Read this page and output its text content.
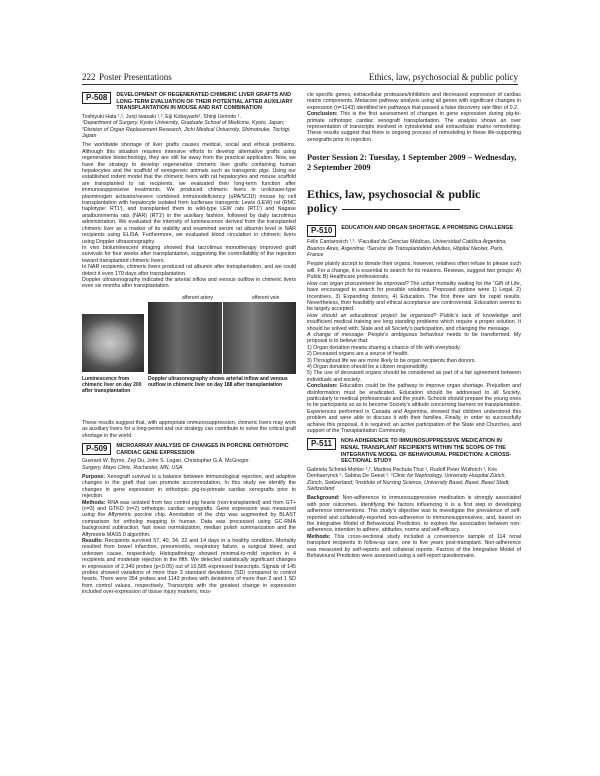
222 Poster Presentations	Ethics, law, psychosocial & public policy
P-508	DEVELOPMENT OF REGENERATED CHIMERIC LIVER GRAFTS AND LONG-TERM EVALUATION OF THEIR POTENTIAL AFTER AUXILIARY TRANSPLANTATION IN MOUSE AND RAT COMBINATION
Toshiyuki Hata ¹,², Junji Iwasaki ¹,², Eiji Kobayashi², Shinji Uemoto ¹.
¹Department of Surgery, Kyoto University, Graduate School of Medicine, Kyoto, Japan; ²Division of Organ Replacement Research, Jichi Medical University, Shimotsuke, Tochigi, Japan

The worldwide shortage of liver grafts causes medical, social and ethical problems. Although this situation requires intensive efforts to develop alternative grafts using regenerative biotechnology, they are still far away from the practical application. Now, we have the strategy to develop regenerative chimeric liver grafts containing human hepatocytes and the scaffold of xenogeneic animals such as transgenic pigs. Using our established rodent model that the chimeric livers with rat hepatocytes and mouse scaffold are transplanted to rat recipients, we evaluated their long-term function after immunosuppressive treatments. We produced chimeric livers in urokinase-type plasminogen activator/severe combined immunodeficiency (uPA/SCID) mouse by cell transplantation with hepatocyte isolated from luciferase transgenic Lewis (LEW) rat (RMC haplotype: RT1ˡ), and transplanted them to wild-type LEW rats (RT1ˡ) and Nagase analbuminemia rats (NAR) (RT1ˡ) in the auxiliary fashion, followed by daily tacrolimus administration. We evaluated the intensity of luminescence derived from the transplanted chimeric liver as a marker of its viability and examined serum rat albumin level in NAR recipients using ELISA. Furthermore, we evaluated blood circulation in chimeric livers using Doppler ultrasonography.

In vivo bioluminescent imaging showed that tacrolimus monotherapy improved graft survivals for four weeks after transplantation, suggesting the controllability of the rejection toward transplanted chimeric livers.

In NAR recipients, chimeric livers produced rat albumin after transplantation, and we could detect it even 170 days after transplantation.

Doppler ultrasonography indicated the arterial inflow and venous outflow in chimeric livers even six months after transplantation.

afferent artery	efferent vein
Luminescence from chimeric liver on day 200 after transplantation
Doppler ultrasonography shows arterial inflow and venous outflow in chimeric liver on day 188 after transplantation

These results suggest that, with appropriate immunosuppression, chimeric livers may work as auxiliary livers for a long-period and our strategy can contribute to solve the critical graft shortage in the world.

P-509	MICROARRAY ANALYSIS OF CHANGES IN PORCINE ORTHOTOPIC CARDIAC GENE EXPRESSION
Guerard W. Byrne, Zeji Du, John S. Logan, Christopher G.A. McGregor.
Surgery, Mayo Clinic, Rochester, MN, USA

Purpose: Xenograft survival is a balance between immunological rejection, and adaptive changes in the graft that can promote accommodation. In this study we identify the changes in gene expression in orthotopic pig-to-primate cardiac xenografts prior to rejection.

Methods: RNA was isolated from two control pig hearts (non-transplanted) and from GT+ (n=3) and GTKO (n=2) orthotopic cardiac xenografts. Gene expression was measured using the Affymetric porcine chip. Annotation of the chip was augmented by BLAST comparison for ortholog mapping to human. Data was processed using GC-RMA background subtraction, fast loess normalization, median polish summarization and the Affymetrix MAS5.0 algorithm.

Results: Recipients survived 57, 40, 34, 22 and 14 days in a healthy condition. Mortality resulted from bowel infarction, pneumonitis, respiratory failure, a surgical bleed, and unknown cause, respectively. Histopathology showed minimal-to-mild rejection in 4 recipients and moderate rejection in the fifth. We detected statistically significant changes in expression of 2,340 probes (p<0.05) out of 16,585 expressed transcripts. Signals of 145 probes showed variations of more than 3 standard deviations (SD) compared to control hearts. There were 354 probes and 1143 probes with deviations of more than 2 and 1 SD from control values, respectively. Transcripts with the greatest change in expression included over-expression of tissue injury markers, mus-

cle specific genes, extracellular proteases/inhibitors and decreased expression of cardiac matrix components. Metacore pathway analysis using all genes with significant changes in expression (n=1143) identified ten pathways that passed a false discovery rate filter of 0.2.

Conclusion: This is the first assessment of changes in gene expression during pig-to-primate orthotopic cardiac xenograft transplantation. The analysis shows an over representation of transcripts involved in cytoskeletal and extracellular matrix remodeling. These results suggest that there is ongoing process of remodeling in these life-supporting xenografts prior to rejection.

Poster Session 2: Tuesday, 1 September 2009 – Wednesday, 2 September 2009
Ethics, law, psychosocial & public
policy
P-510	EDUCATION AND ORGAN SHORTAGE, A PROMISING CHALLENGE
Félix Cantarovich ¹,². ¹Facultad de Ciencias Médicas, Universidad Católica Argentina, Buenos Aires, Argentina; ²Service de Transplantation Adultes, Hôpital Necker, Paris, France

People plainly accept to donate their organs, however, relatives often refuse to please such will. For a change, it is essential to search for its reasons. Reviews, suggest two groups: A) Public B) Healthcare professionals.

How can organ procurement be improved? The unfair mortality waiting for the “Gift of Life, have encouraged to search for possible solutions. Proposed options were 1) Legal, 2) Incentives, 3) Expanding donors, 4) Education. The first three aim for rapid results. Nevertheless, their feasibility and ethical acceptance are controversial. Education seems to be largely accepted.

How should an educational project be organized? Public’s lack of knowledge and insufficient medical training are long standing problems which require a proper solution. It should be solved with: State and all Society’s participation, and changing the message.

A change of message: People’s ambiguous behaviour needs to be transformed. My proposal is to believe that:

1) Organ donation means sharing a chance of life with everybody.

2) Deceased organs are a source of health.

3) Throughout life we are more likely to be organ recipients than donors.

4) Organ donation should be a citizen responsibility.

5) The use of deceased organs should be considered as part of a fair agreement between individuals and society.

Conclusion: Education could be the pathway to improve organ shortage. Prejudism and disinformation must be eradicated. Education should be addressed to all Society, particularly to medical professionals and the youth. Schools should prepare the young ones to be participants so as to become Society’s attitude concerning barriers on transplantation. Experiences performed in Canada and Argentina, showed that children understood this problem and were able to discuss it with their families. Finally, in order to successfully achieve this proposal, it is required: an active participation of the State and Churches, and support of the Transplantation Community.

P-511	NON-ADHERENCE TO IMMUNOSUPPRESSIVE MEDICATION IN RENAL TRANSPLANT RECIPIENTS WITHIN THE SCOPE OF THE INTEGRATIVE MODEL OF BEHAVIOURAL PREDICTION: A CROSS-SECTIONAL STUDY
Gabriela Schmid-Mohler ¹,², Martina Pechula Thut ¹, Rudolf Peter Wüthrich ¹, Kris Denhaerynck ², Sabina De Geest ². ¹Clinic for Nephrology, University Hospital Zürich, Zürich, Switzerland; ²Institute of Nursing Science, University Basel, Basel, Basel Stadt, Switzerland

Background: Non-adherence to immunosuppressive medication is strongly associated with poor outcomes. Identifying the factors influencing it is a first step in developing adherence interventions. This study’s objective was to investigate the prevalence of self-reported and collaterally-reported non-adherence to immunosuppressives, and, based on the Integrative Model of Behavioural Prediction, to explore the association between non-adherence, intention to adhere, attitudes, norms and self-efficacy.

Methods: This cross-sectional study included a convenience sample of 114 renal transplant recipients in follow-up care, one to five years post-transplant. Non-adherence was measured by self-reports and collateral reports. Factors of the Integrative Model of Behavioural Prediction were assessed using a self-report questionnaire.
